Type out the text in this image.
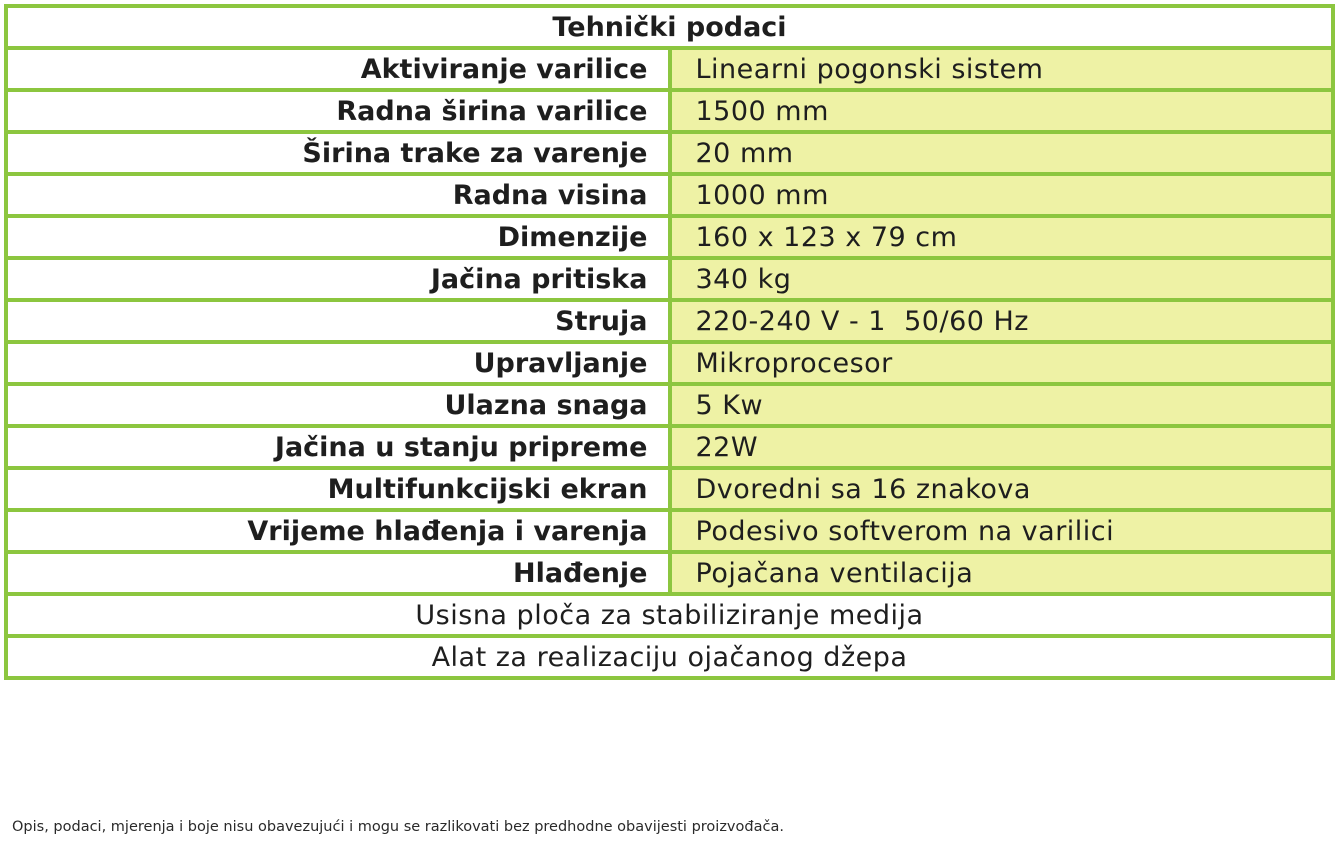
Tehnički podaci	
Aktiviranje varilice	Linearni pogonski sistem
Radna širina varilice	1500 mm
Širina trake za varenje	20 mm
Radna visina	1000 mm
Dimenzije	160 x 123 x 79 cm
Jačina pritiska	340 kg
Struja	220-240 V - 1  50/60 Hz
Upravljanje	Mikroprocesor
Ulazna snaga	5 Kw
Jačina u stanju pripreme	22W
Multifunkcijski ekran	Dvoredni sa 16 znakova
Vrijeme hlađenja i varenja	Podesivo softverom na varilici
Hlađenje	Pojačana ventilacija
Usisna ploča za stabiliziranje medija	
Alat za realizaciju ojačanog džepa	
Opis, podaci, mjerenja i boje nisu obavezujući i mogu se razlikovati bez predhodne obavijesti proizvođača.
